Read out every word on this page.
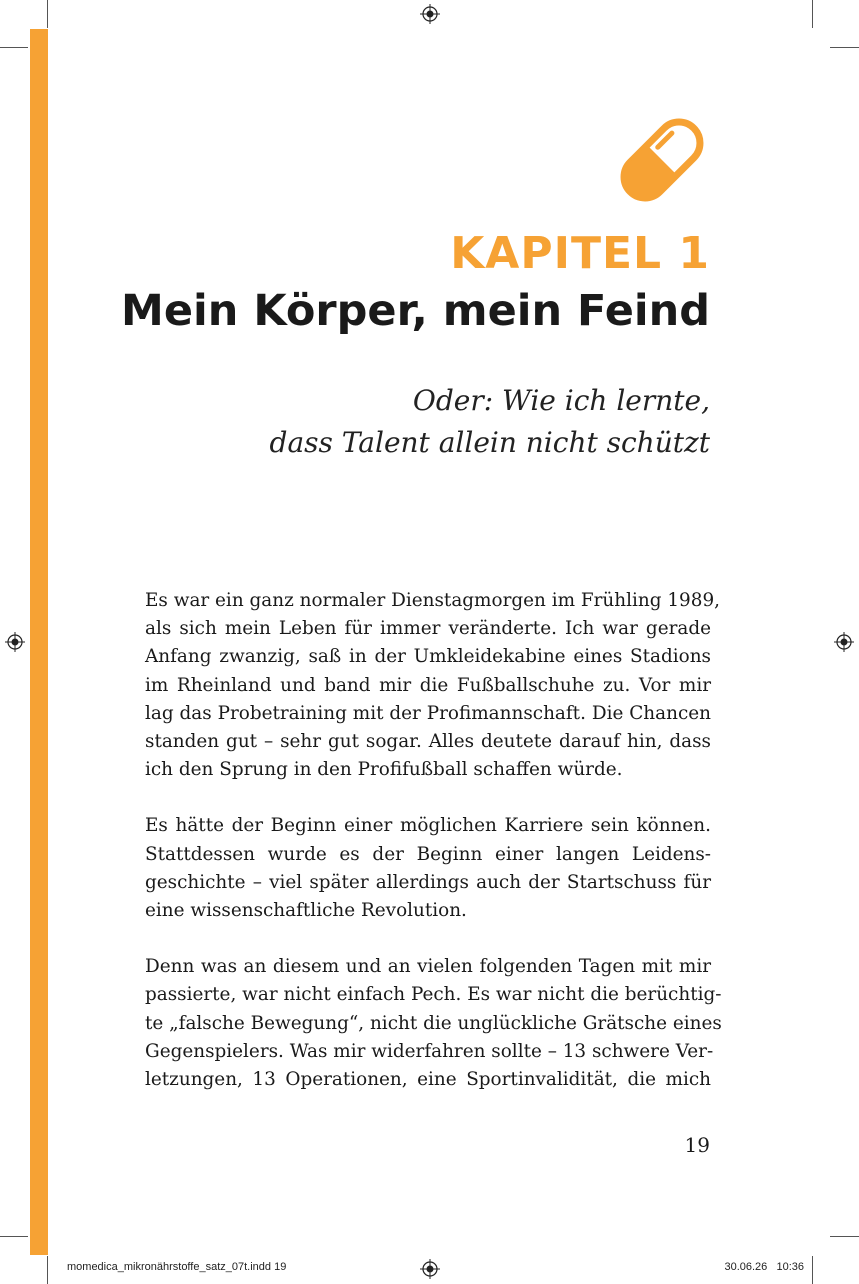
KAPITEL 1
Mein Körper, mein Feind

Oder: Wie ich lernte,
dass Talent allein nicht schützt

Es war ein ganz normaler Dienstagmorgen im Frühling 1989,
als sich mein Leben für immer veränderte. Ich war gerade
Anfang zwanzig, saß in der Umkleidekabine eines Stadions
im Rheinland und band mir die Fußballschuhe zu. Vor mir
lag das Probetraining mit der Profimannschaft. Die Chancen
standen gut – sehr gut sogar. Alles deutete darauf hin, dass
ich den Sprung in den Profifußball schaffen würde.

Es hätte der Beginn einer möglichen Karriere sein können.
Stattdessen wurde es der Beginn einer langen Leidens-
geschichte – viel später allerdings auch der Startschuss für
eine wissenschaftliche Revolution.

Denn was an diesem und an vielen folgenden Tagen mit mir
passierte, war nicht einfach Pech. Es war nicht die berüchtig-
te „falsche Bewegung“, nicht die unglückliche Grätsche eines
Gegenspielers. Was mir widerfahren sollte – 13 schwere Ver-
letzungen, 13 Operationen, eine Sportinvalidität, die mich

19

momedica_mikronährstoffe_satz_07t.indd 19	30.06.26 10:36
